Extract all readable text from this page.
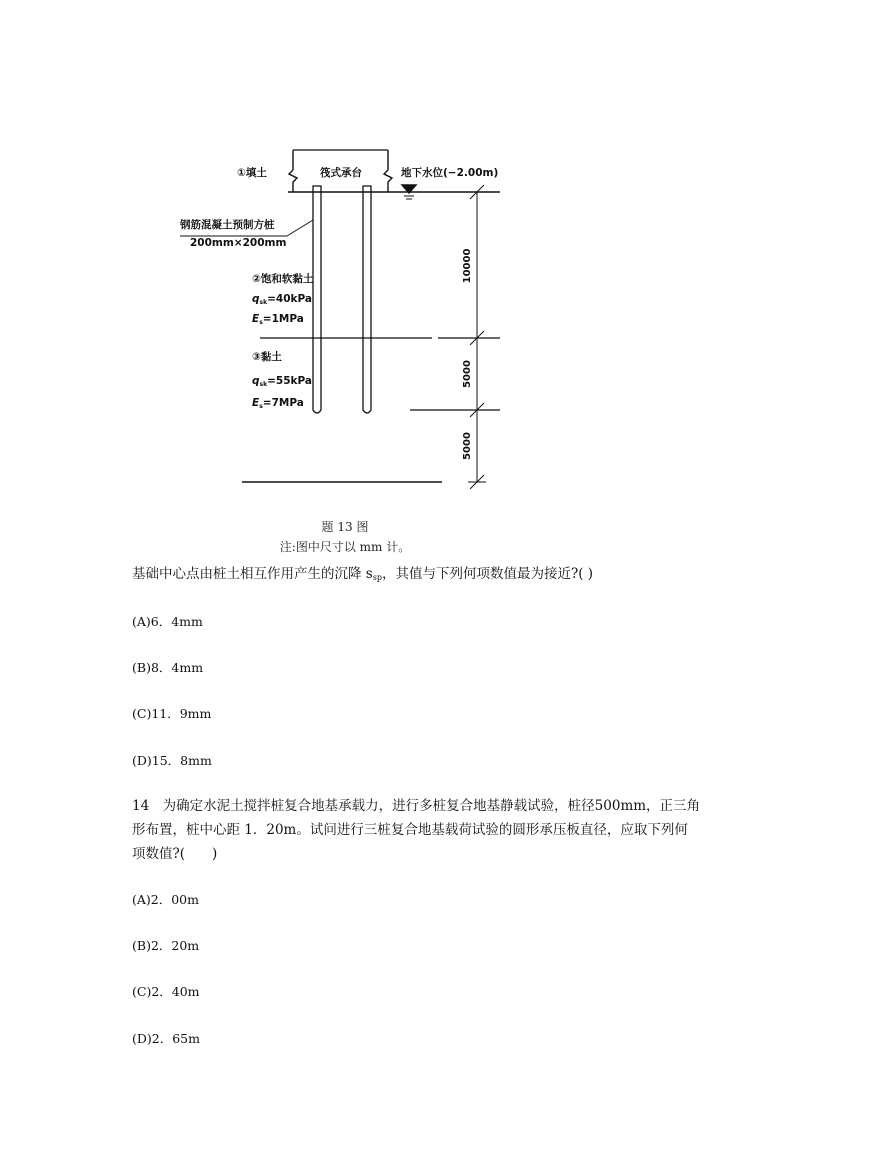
①填土	筏式承台	地下水位(−2.00m)
钢筋混凝土预制方桩
200mm×200mm
②饱和软黏土
qsk=40kPa
Es=1MPa
③黏土
qsk=55kPa
Es=7MPa
10000
5000
5000
题 13 图
注:图中尺寸以 mm 计。
基础中心点由桩土相互作用产生的沉降 $s_{sp}$，其值与下列何项数值最为接近?( )
(A)6．4mm
(B)8．4mm
(C)11．9mm
(D)15．8mm
14　为确定水泥土搅拌桩复合地基承载力，进行多桩复合地基静载试验，桩径500mm，正三角
形布置，桩中心距 1．20m。试问进行三桩复合地基载荷试验的圆形承压板直径，应取下列何
项数值?(　　)
(A)2．00m
(B)2．20m
(C)2．40m
(D)2．65m
